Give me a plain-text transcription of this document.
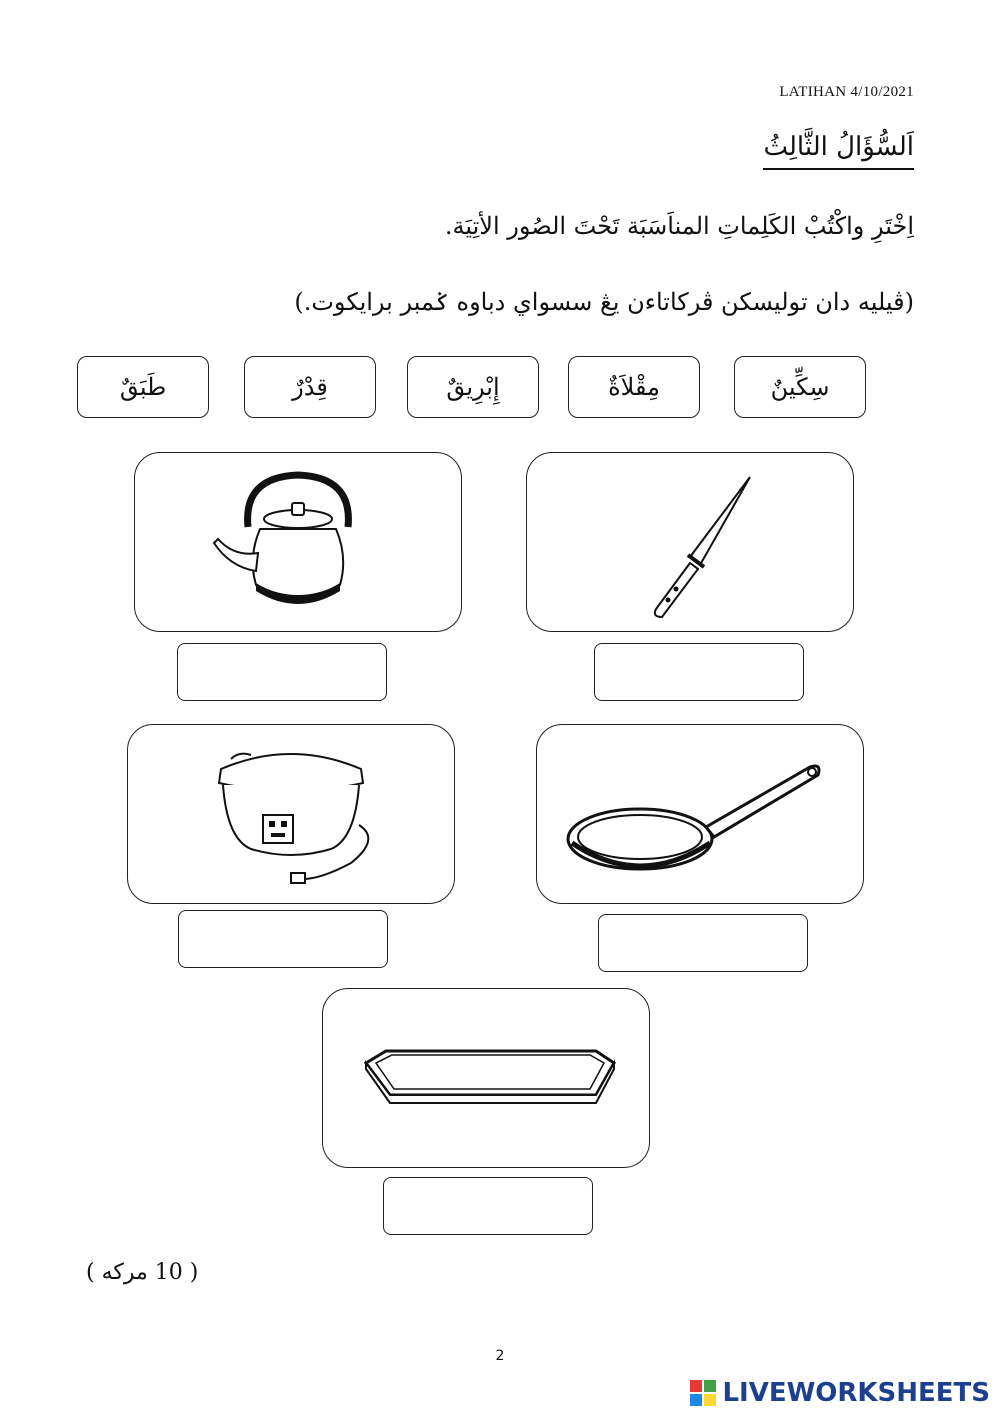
LATIHAN 4/10/2021
اَلسُّؤَالُ الثَّالِثُ
اِخْتَرِ واكْتُبْ الكَلِماتِ المناَسَبَة تَحْتَ الصُور الأتِيَة.
(ڤيليه دان توليسكن ڤركاتاءن يڠ سسواي دباوه ݢمبر برايكوت.)
سِكِّينٌ
مِقْلاَةٌ
إِبْرِيقٌ
قِدْرٌ
طَبَقٌ
( 10 مركه )
2
LIVEWORKSHEETS
